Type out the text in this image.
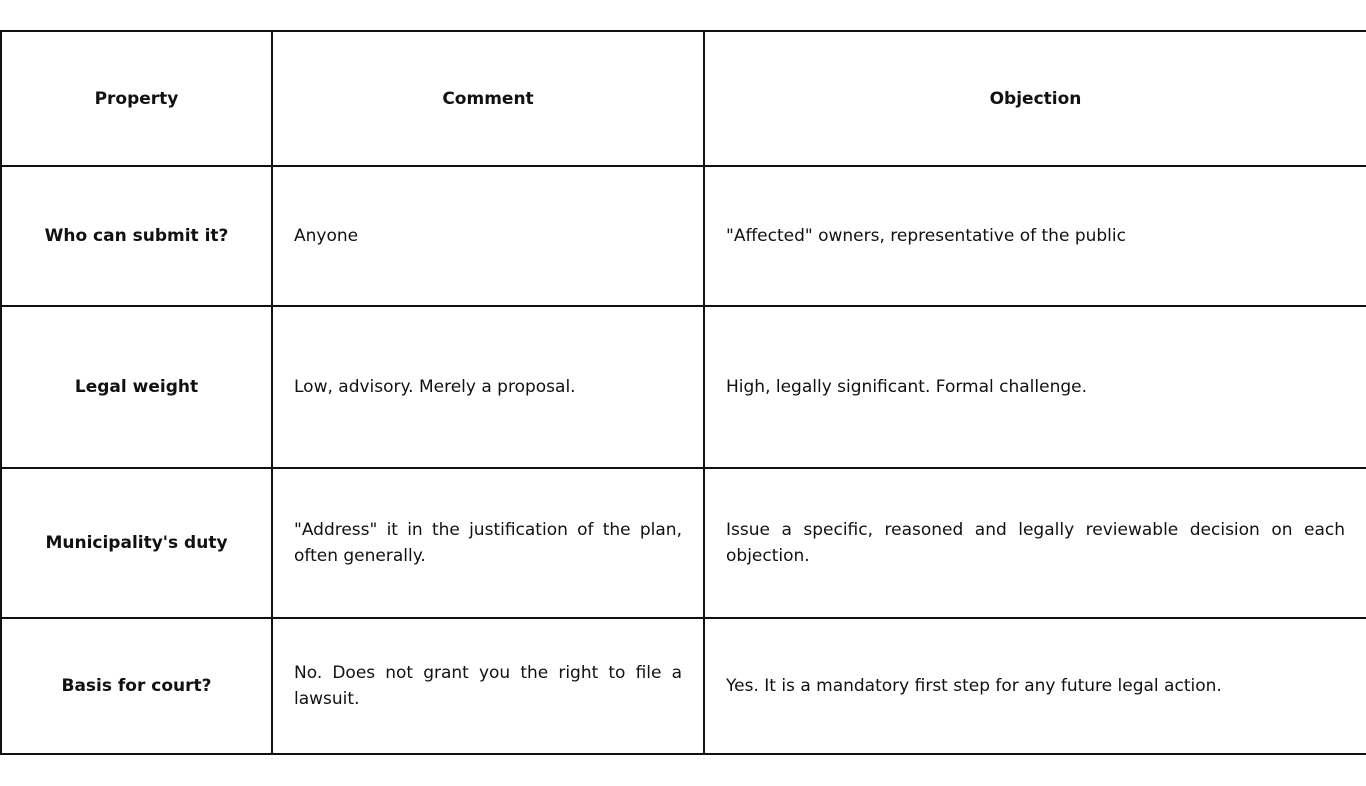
Property	Comment	Objection
Who can submit it?	Anyone	"Affected" owners, representative of the public
Legal weight	Low, advisory. Merely a proposal.	High, legally significant. Formal challenge.
Municipality's duty	"Address" it in the justification of the plan, often generally.	Issue a specific, reasoned and legally reviewable decision on each objection.
Basis for court?	No. Does not grant you the right to file a lawsuit.	Yes. It is a mandatory first step for any future legal action.
